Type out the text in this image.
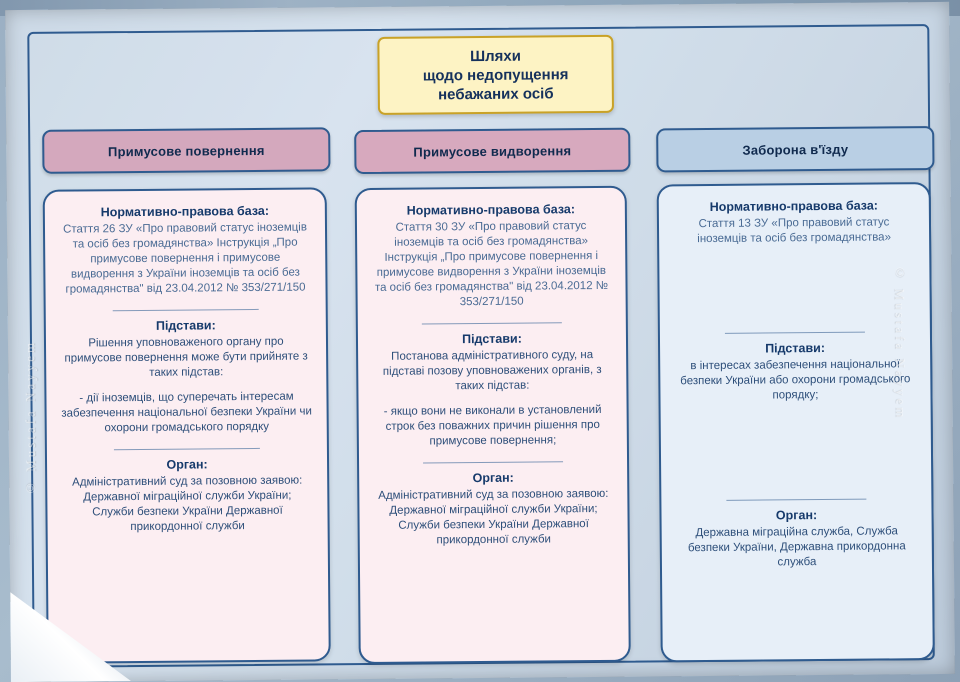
Шляхи
щодо недопущення
небажаних осіб
Примусове повернення	Примусове видворення	Заборона в'їзду
Нормативно-правова база:
Стаття 26 ЗУ «Про правовий статус іноземців та осіб без громадянства» Інструкція „Про примусове повернення і примусове видворення з України іноземців та осіб без громадянства" від 23.04.2012 № 353/271/150
Підстави:
Рішення уповноваженого органу про примусове повернення може бути прийняте з таких підстав:
- дії іноземців, що суперечать інтересам забезпечення національної безпеки України чи охорони громадського порядку
Орган:
Адміністративний суд за позовною заявою: Державної міграційної служби України; Служби безпеки України Державної прикордонної служби
Нормативно-правова база:
Стаття 30 ЗУ «Про правовий статус іноземців та осіб без громадянства» Інструкція „Про примусове повернення і примусове видворення з України іноземців та осіб без громадянства" від 23.04.2012 № 353/271/150
Підстави:
Постанова адміністративного суду, на підставі позову уповноважених органів, з таких підстав:
- якщо вони не виконали в установлений строк без поважних причин рішення про примусове повернення;
Орган:
Адміністративний суд за позовною заявою: Державної міграційної служби України; Служби безпеки України Державної прикордонної служби
Нормативно-правова база:
Стаття 13 ЗУ «Про правовий статус іноземців та осіб без громадянства»
Підстави:
в інтересах забезпечення національної безпеки України або охорони громадського порядку;
Орган:
Державна міграційна служба, Служба безпеки України, Державна прикордонна служба
© Mustafa Nayyem	© Mustafa Nayyem
